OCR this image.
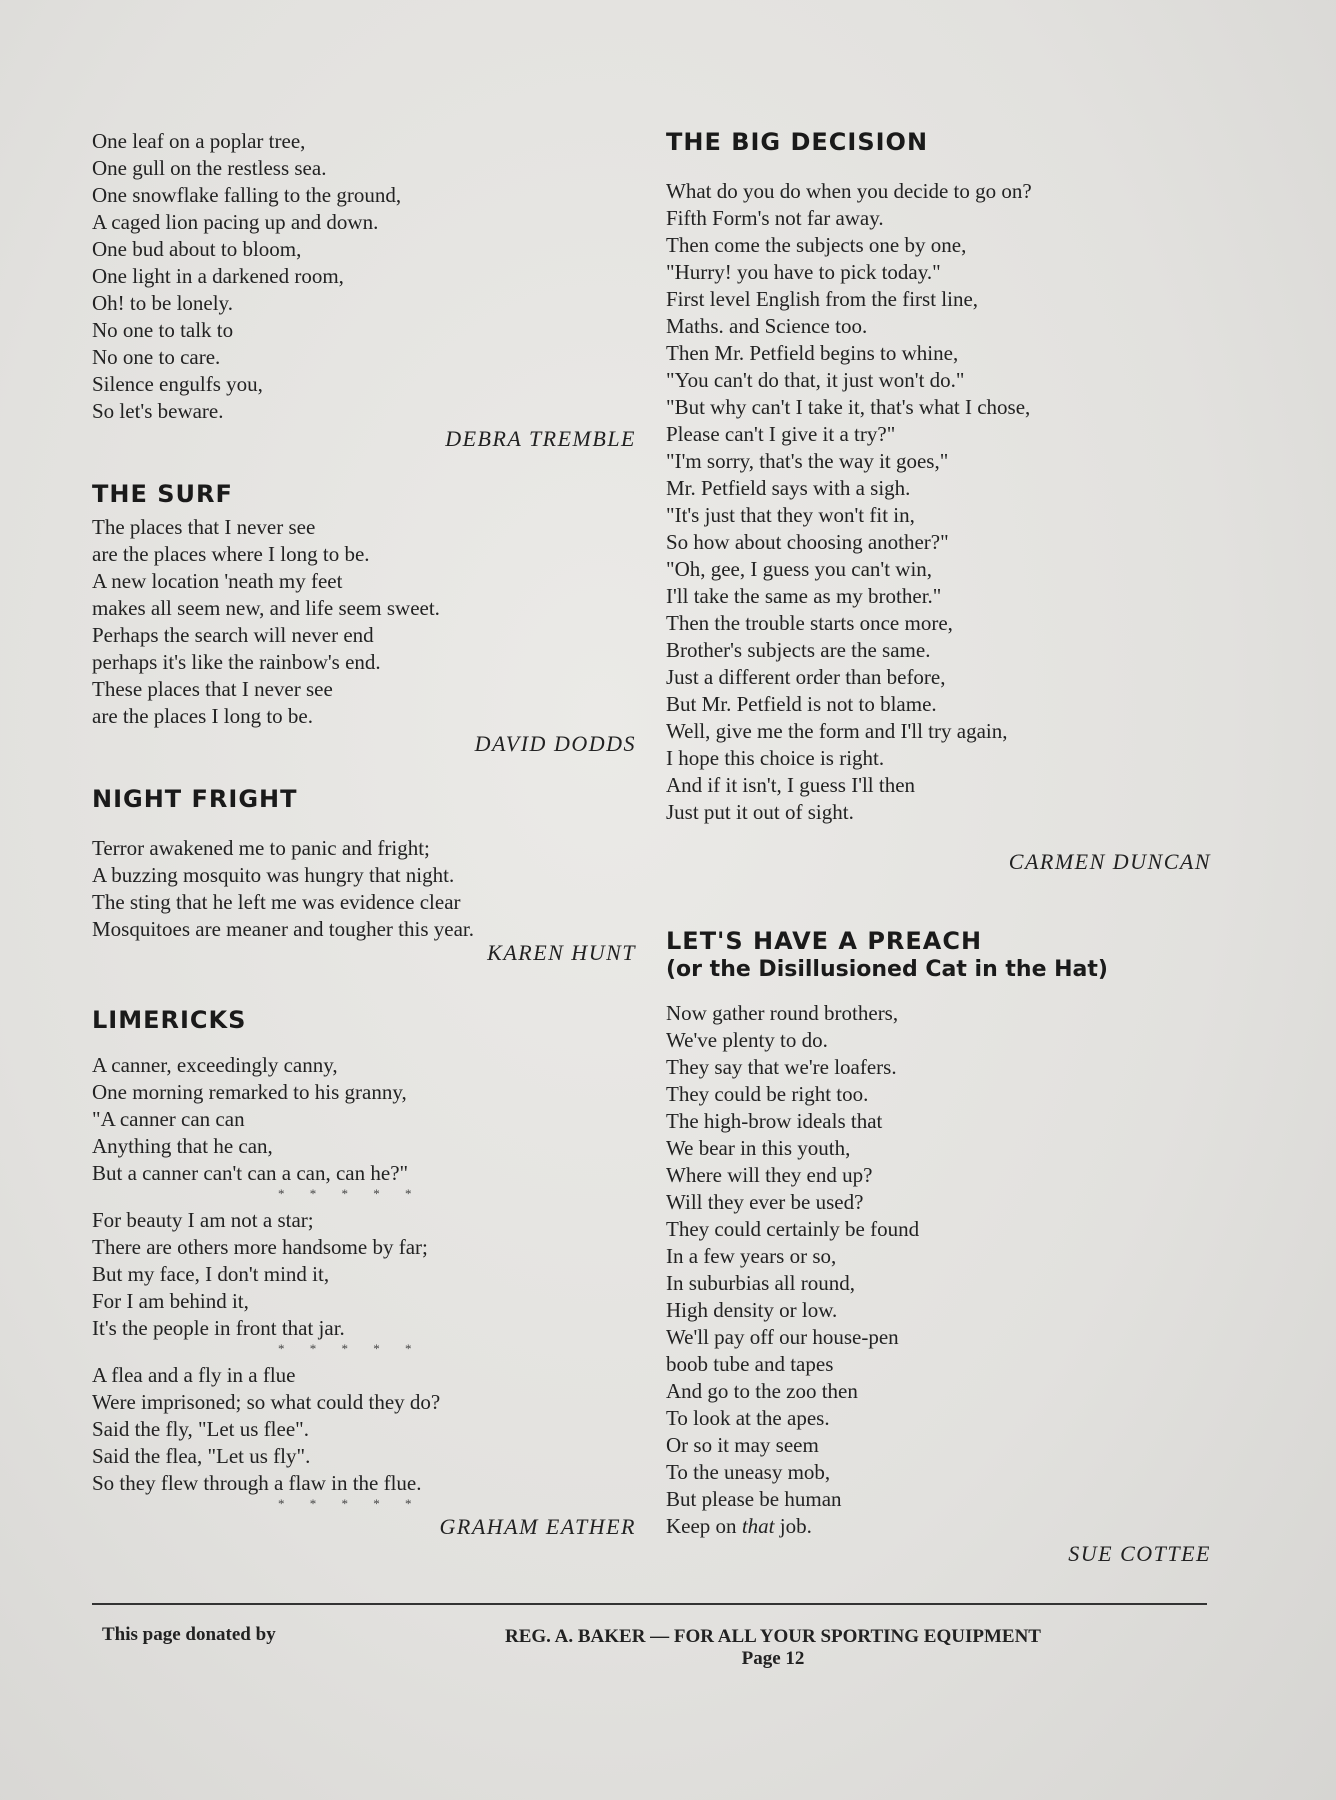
One leaf on a poplar tree,
One gull on the restless sea.
One snowflake falling to the ground,
A caged lion pacing up and down.
One bud about to bloom,
One light in a darkened room,
Oh! to be lonely.
No one to talk to
No one to care.
Silence engulfs you,
So let's beware.
DEBRA TREMBLE
THE SURF
The places that I never see
are the places where I long to be.
A new location 'neath my feet
makes all seem new, and life seem sweet.
Perhaps the search will never end
perhaps it's like the rainbow's end.
These places that I never see
are the places I long to be.
DAVID DODDS
NIGHT FRIGHT
Terror awakened me to panic and fright;
A buzzing mosquito was hungry that night.
The sting that he left me was evidence clear
Mosquitoes are meaner and tougher this year.
KAREN HUNT
LIMERICKS
A canner, exceedingly canny,
One morning remarked to his granny,
"A canner can can
Anything that he can,
But a canner can't can a can, can he?"
* * * * *
For beauty I am not a star;
There are others more handsome by far;
But my face, I don't mind it,
For I am behind it,
It's the people in front that jar.
* * * * *
A flea and a fly in a flue
Were imprisoned; so what could they do?
Said the fly, "Let us flee".
Said the flea, "Let us fly".
So they flew through a flaw in the flue.
* * * * *
GRAHAM EATHER
THE BIG DECISION
What do you do when you decide to go on?
Fifth Form's not far away.
Then come the subjects one by one,
"Hurry! you have to pick today."
First level English from the first line,
Maths. and Science too.
Then Mr. Petfield begins to whine,
"You can't do that, it just won't do."
"But why can't I take it, that's what I chose,
Please can't I give it a try?"
"I'm sorry, that's the way it goes,"
Mr. Petfield says with a sigh.
"It's just that they won't fit in,
So how about choosing another?"
"Oh, gee, I guess you can't win,
I'll take the same as my brother."
Then the trouble starts once more,
Brother's subjects are the same.
Just a different order than before,
But Mr. Petfield is not to blame.
Well, give me the form and I'll try again,
I hope this choice is right.
And if it isn't, I guess I'll then
Just put it out of sight.
CARMEN DUNCAN
LET'S HAVE A PREACH
(or the Disillusioned Cat in the Hat)
Now gather round brothers,
We've plenty to do.
They say that we're loafers.
They could be right too.
The high-brow ideals that
We bear in this youth,
Where will they end up?
Will they ever be used?
They could certainly be found
In a few years or so,
In suburbias all round,
High density or low.
We'll pay off our house-pen
boob tube and tapes
And go to the zoo then
To look at the apes.
Or so it may seem
To the uneasy mob,
But please be human
Keep on that job.
SUE COTTEE
This page donated by	REG. A. BAKER — FOR ALL YOUR SPORTING EQUIPMENT
Page 12
